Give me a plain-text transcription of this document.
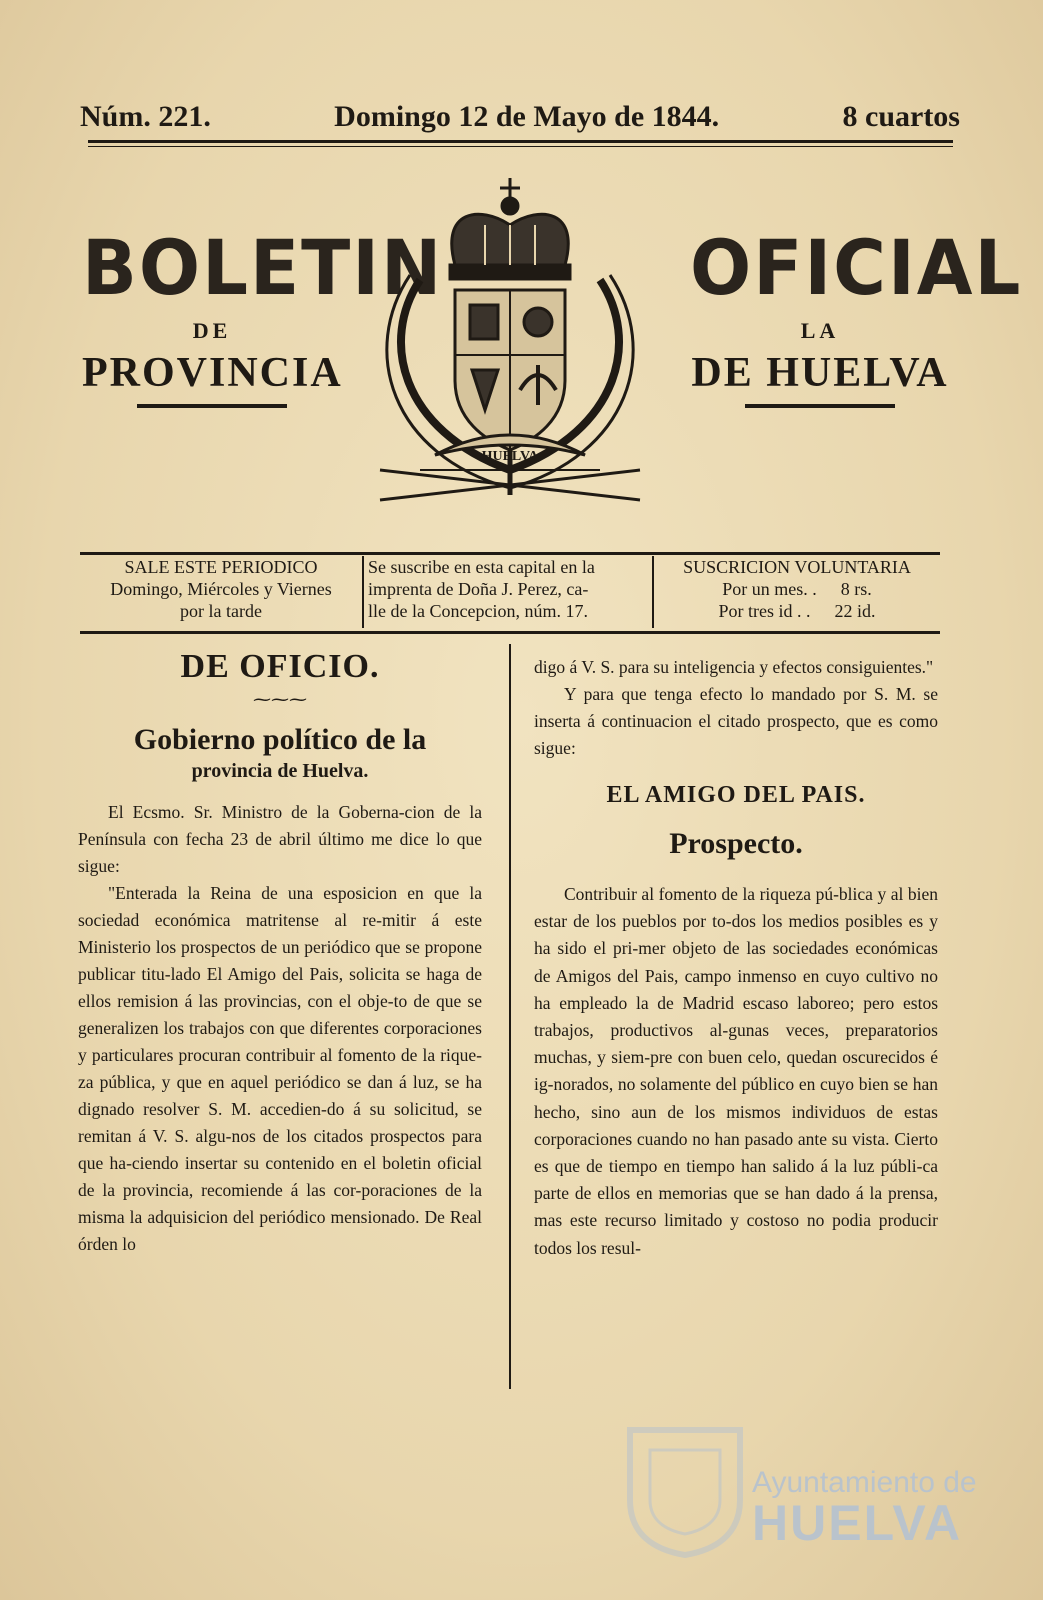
Núm. 221.	Domingo 12 de Mayo de 1844.	8 cuartos
BOLETIN
DE
PROVINCIA
HUELVA
OFICIAL
LA
DE HUELVA
SALE ESTE PERIODICO
Domingo, Miércoles y Viernes
por la tarde
Se suscribe en esta capital en la
imprenta de Doña J. Perez, ca-
lle de la Concepcion, núm. 17.
SUSCRICION VOLUNTARIA
Por un mes. . 8 rs.
Por tres id . . 22 id.
DE OFICIO.
⁓⁓⁓
Gobierno político de la
provincia de Huelva.

El Ecsmo. Sr. Ministro de la Goberna-cion de la Península con fecha 23 de abril último me dice lo que sigue:

"Enterada la Reina de una esposicion en que la sociedad económica matritense al re-mitir á este Ministerio los prospectos de un periódico que se propone publicar titu-lado El Amigo del Pais, solicita se haga de ellos remision á las provincias, con el obje-to de que se generalizen los trabajos con que diferentes corporaciones y particulares procuran contribuir al fomento de la rique-za pública, y que en aquel periódico se dan á luz, se ha dignado resolver S. M. accedien-do á su solicitud, se remitan á V. S. algu-nos de los citados prospectos para que ha-ciendo insertar su contenido en el boletin oficial de la provincia, recomiende á las cor-poraciones de la misma la adquisicion del periódico mensionado. De Real órden lo

digo á V. S. para su inteligencia y efectos consiguientes."

Y para que tenga efecto lo mandado por S. M. se inserta á continuacion el citado prospecto, que es como sigue:

EL AMIGO DEL PAIS.
Prospecto.

Contribuir al fomento de la riqueza pú-blica y al bien estar de los pueblos por to-dos los medios posibles es y ha sido el pri-mer objeto de las sociedades económicas de Amigos del Pais, campo inmenso en cuyo cultivo no ha empleado la de Madrid escaso laboreo; pero estos trabajos, productivos al-gunas veces, preparatorios muchas, y siem-pre con buen celo, quedan oscurecidos é ig-norados, no solamente del público en cuyo bien se han hecho, sino aun de los mismos individuos de estas corporaciones cuando no han pasado ante su vista. Cierto es que de tiempo en tiempo han salido á la luz públi-ca parte de ellos en memorias que se han dado á la prensa, mas este recurso limitado y costoso no podia producir todos los resul-

Ayuntamiento de
HUELVA
